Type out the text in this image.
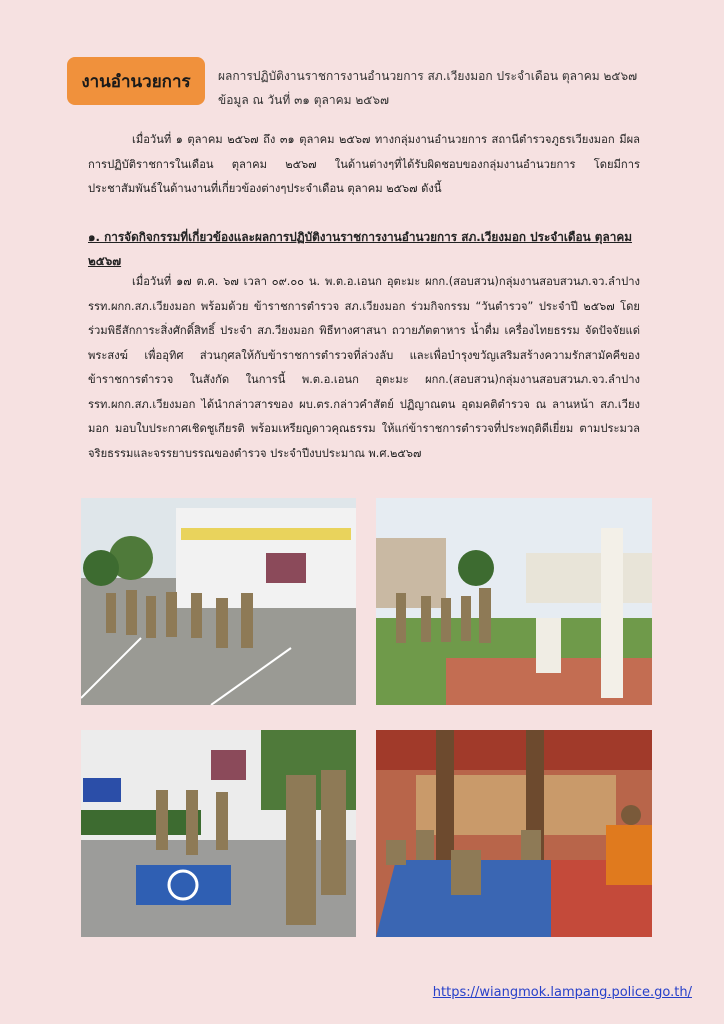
งานอำนวยการ	ผลการปฏิบัติงานราชการงานอำนวยการ สภ.เวียงมอก ประจำเดือน ตุลาคม ๒๕๖๗
ข้อมูล ณ วันที่ ๓๑ ตุลาคม ๒๕๖๗
เมื่อวันที่ ๑ ตุลาคม ๒๕๖๗ ถึง ๓๑ ตุลาคม ๒๕๖๗ ทางกลุ่มงานอำนวยการ สถานีตำรวจภูธรเวียงมอก มีผลการปฏิบัติราชการในเดือน ตุลาคม ๒๕๖๗ ในด้านต่างๆที่ได้รับผิดชอบของกลุ่มงานอำนวยการ โดยมีการประชาสัมพันธ์ในด้านงานที่เกี่ยวข้องต่างๆประจำเดือน ตุลาคม ๒๕๖๗ ดังนี้
๑. การจัดกิจกรรมที่เกี่ยวข้องและผลการปฏิบัติงานราชการงานอำนวยการ สภ.เวียงมอก ประจำเดือน ตุลาคม ๒๕๖๗
เมื่อวันที่ ๑๗ ต.ค. ๖๗ เวลา ๐๙.๐๐ น. พ.ต.อ.เอนก อุตะมะ ผกก.(สอบสวน)กลุ่มงานสอบสวนภ.จว.ลำปาง รรท.ผกก.สภ.เวียงมอก พร้อมด้วย ข้าราชการตำรวจ สภ.เวียงมอก ร่วมกิจกรรม “วันตำรวจ” ประจำปี ๒๕๖๗ โดยร่วมพิธีสักการะสิ่งศักดิ์สิทธิ์ ประจำ สภ.วียงมอก พิธีทางศาสนา ถวายภัตตาหาร น้ำดื่ม เครื่องไทยธรรม จัดปัจจัยแด่พระสงฆ์ เพื่ออุทิศ ส่วนกุศลให้กับข้าราชการตำรวจที่ล่วงลับ และเพื่อบำรุงขวัญเสริมสร้างความรักสามัคคีของข้าราชการตำรวจ ในสังกัด ในการนี้ พ.ต.อ.เอนก อุตะมะ ผกก.(สอบสวน)กลุ่มงานสอบสวนภ.จว.ลำปาง รรท.ผกก.สภ.เวียงมอก ได้นำกล่าวสารของ ผบ.ตร.กล่าวคำสัตย์ ปฏิญาณตน อุดมคติตำรวจ ณ ลานหน้า สภ.เวียงมอก มอบใบประกาศเชิดชูเกียรติ พร้อมเหรียญดาวคุณธรรม ให้แก่ข้าราชการตำรวจที่ประพฤติดีเยี่ยม ตามประมวลจริยธรรมและจรรยาบรรณของตำรวจ ประจำปีงบประมาณ พ.ศ.๒๕๖๗
https://wiangmok.lampang.police.go.th/
